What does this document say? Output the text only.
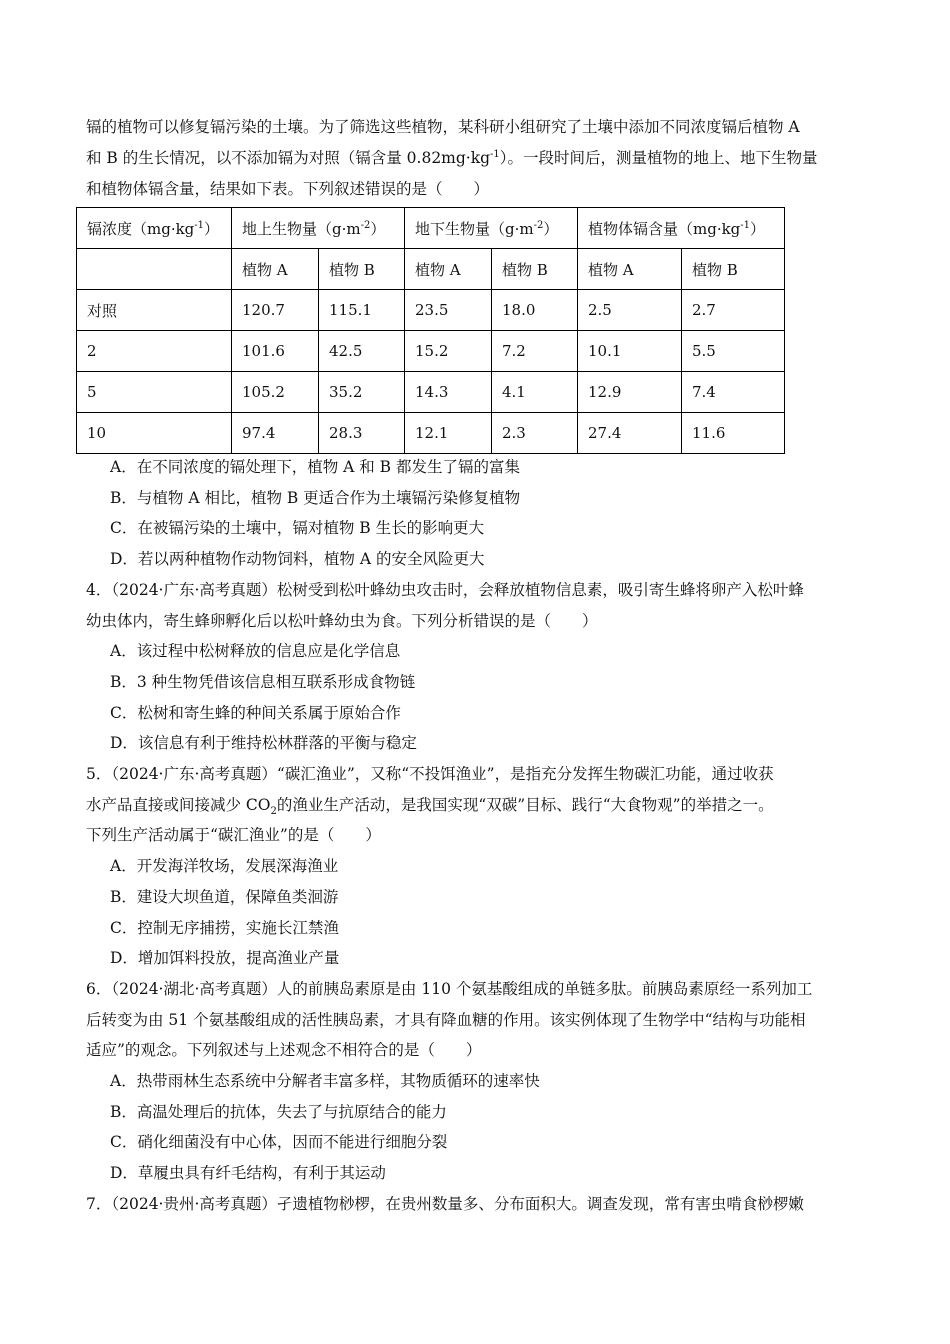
镉的植物可以修复镉污染的土壤。为了筛选这些植物，某科研小组研究了土壤中添加不同浓度镉后植物 A

和 B 的生长情况，以不添加镉为对照（镉含量 $0.82mg\cdot kg^{-1}$）。一段时间后，测量植物的地上、地下生物量

和植物体镉含量，结果如下表。下列叙述错误的是（　　）

镉浓度$(mg\cdot kg^{-1})$	地上生物量$(g\cdot m^{-2})$		地下生物量$(g\cdot m^{-2})$		植物体镉含量$(mg\cdot kg^{-1})$	
	植物 A	植物 B	植物 A	植物 B	植物 A	植物 B
对照	120.7	115.1	23.5	18.0	2.5	2.7
2	101.6	42.5	15.2	7.2	10.1	5.5
5	105.2	35.2	14.3	4.1	12.9	7.4
10	97.4	28.3	12.1	2.3	27.4	11.6

A．在不同浓度的镉处理下，植物 A 和 B 都发生了镉的富集

B．与植物 A 相比，植物 B 更适合作为土壤镉污染修复植物

C．在被镉污染的土壤中，镉对植物 B 生长的影响更大

D．若以两种植物作动物饲料，植物 A 的安全风险更大

4．（2024·广东·高考真题）松树受到松叶蜂幼虫攻击时，会释放植物信息素，吸引寄生蜂将卵产入松叶蜂

幼虫体内，寄生蜂卵孵化后以松叶蜂幼虫为食。下列分析错误的是（　　）

A．该过程中松树释放的信息应是化学信息

B．3 种生物凭借该信息相互联系形成食物链

C．松树和寄生蜂的种间关系属于原始合作

D．该信息有利于维持松林群落的平衡与稳定

5．（2024·广东·高考真题）“碳汇渔业”，又称“不投饵渔业”，是指充分发挥生物碳汇功能，通过收获

水产品直接或间接减少 $CO_2$的渔业生产活动，是我国实现“双碳”目标、践行“大食物观”的举措之一。

下列生产活动属于“碳汇渔业”的是（　　）

A．开发海洋牧场，发展深海渔业

B．建设大坝鱼道，保障鱼类洄游

C．控制无序捕捞，实施长江禁渔

D．增加饵料投放，提高渔业产量

6．（2024·湖北·高考真题）人的前胰岛素原是由 110 个氨基酸组成的单链多肽。前胰岛素原经一系列加工

后转变为由 51 个氨基酸组成的活性胰岛素，才具有降血糖的作用。该实例体现了生物学中“结构与功能相

适应”的观念。下列叙述与上述观念不相符合的是（　　）

A．热带雨林生态系统中分解者丰富多样，其物质循环的速率快

B．高温处理后的抗体，失去了与抗原结合的能力

C．硝化细菌没有中心体，因而不能进行细胞分裂

D．草履虫具有纤毛结构，有利于其运动

7．（2024·贵州·高考真题）孑遗植物桫椤，在贵州数量多、分布面积大。调查发现，常有害虫啃食桫椤嫩
